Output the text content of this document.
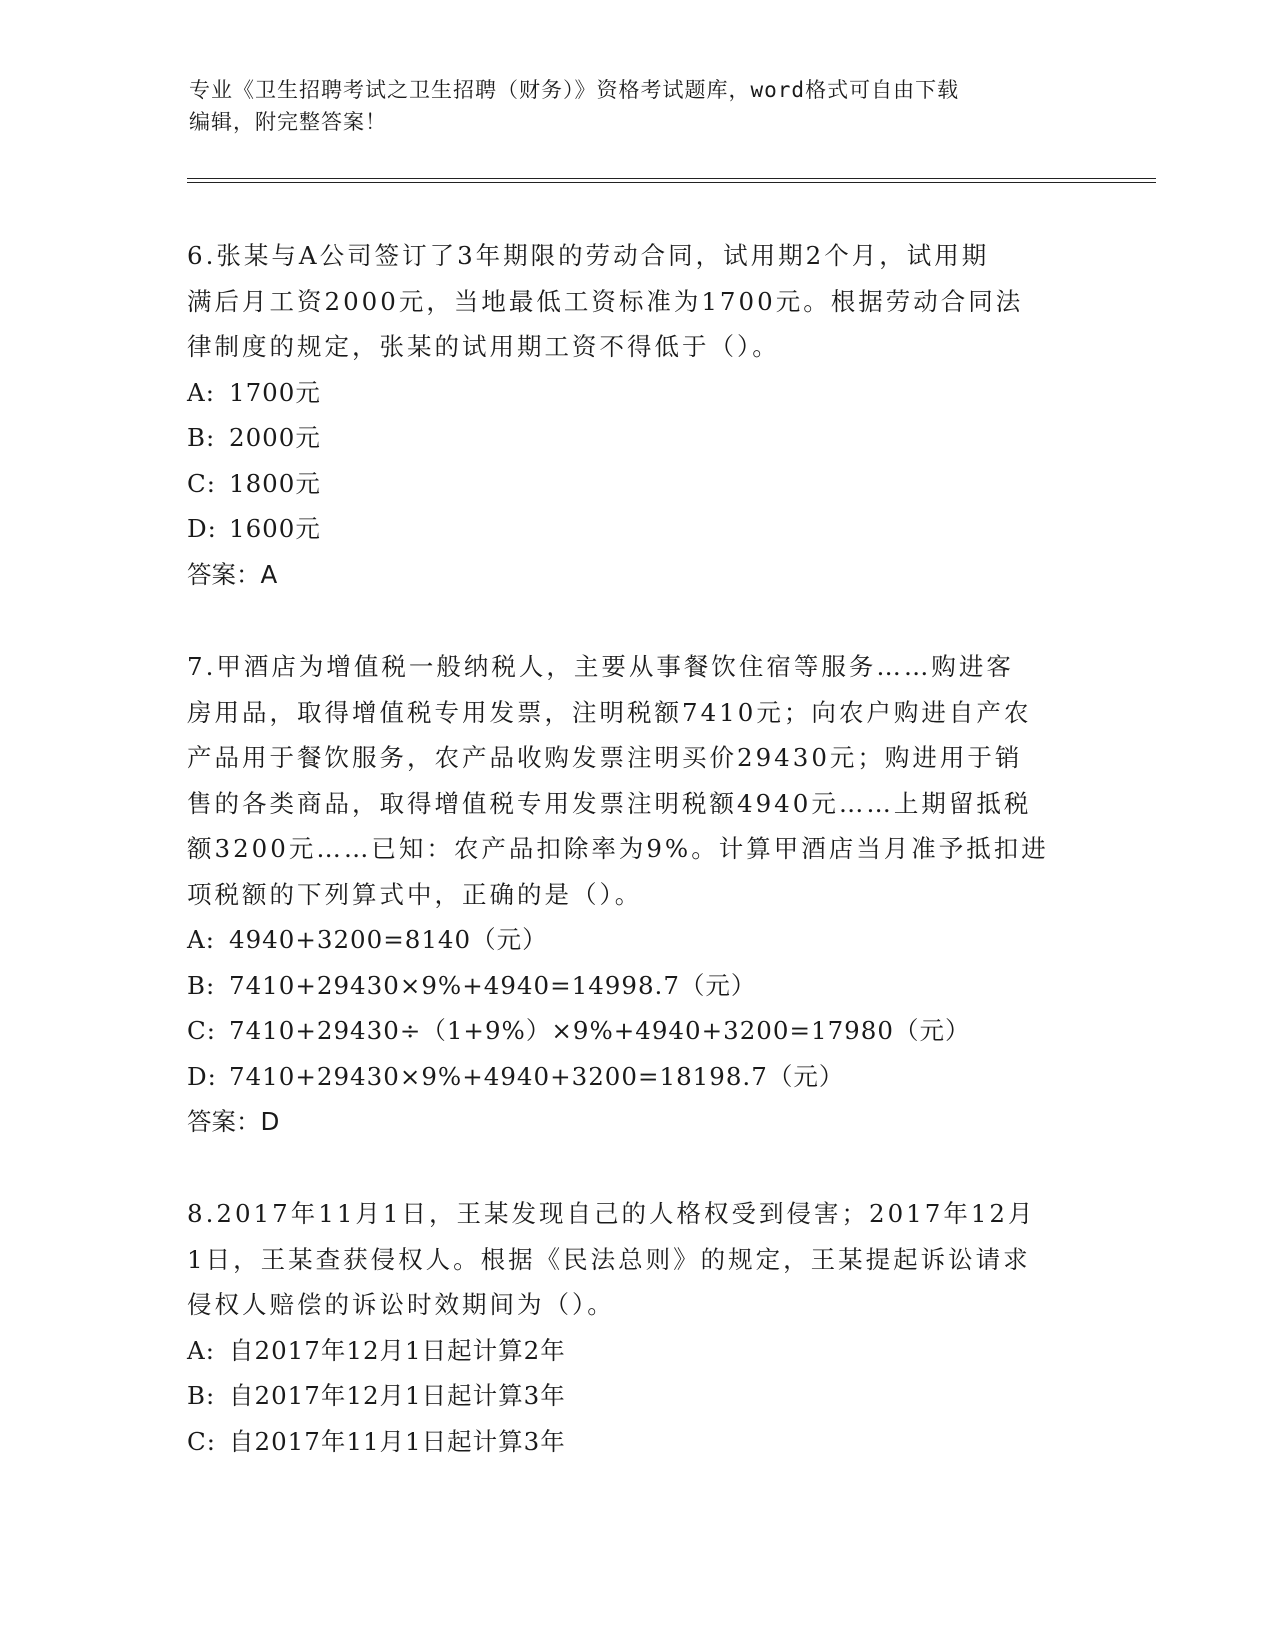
专业《卫生招聘考试之卫生招聘（财务）》资格考试题库，word格式可自由下载
编辑，附完整答案！

6.张某与A公司签订了3年期限的劳动合同，试用期2个月，试用期

满后月工资2000元，当地最低工资标准为1700元。根据劳动合同法

律制度的规定，张某的试用期工资不得低于（）。

A: 1700元

B: 2000元

C: 1800元

D: 1600元

答案：A

7.甲酒店为增值税一般纳税人，主要从事餐饮住宿等服务……购进客

房用品，取得增值税专用发票，注明税额7410元；向农户购进自产农

产品用于餐饮服务，农产品收购发票注明买价29430元；购进用于销

售的各类商品，取得增值税专用发票注明税额4940元……上期留抵税

额3200元……已知：农产品扣除率为9%。计算甲酒店当月准予抵扣进

项税额的下列算式中，正确的是（）。

A: 4940+3200=8140（元）

B: 7410+29430×9%+4940=14998.7（元）

C: 7410+29430÷（1+9%）×9%+4940+3200=17980（元）

D: 7410+29430×9%+4940+3200=18198.7（元）

答案：D

8.2017年11月1日，王某发现自己的人格权受到侵害；2017年12月

1日，王某查获侵权人。根据《民法总则》的规定，王某提起诉讼请求

侵权人赔偿的诉讼时效期间为（）。

A: 自2017年12月1日起计算2年

B: 自2017年12月1日起计算3年

C: 自2017年11月1日起计算3年
